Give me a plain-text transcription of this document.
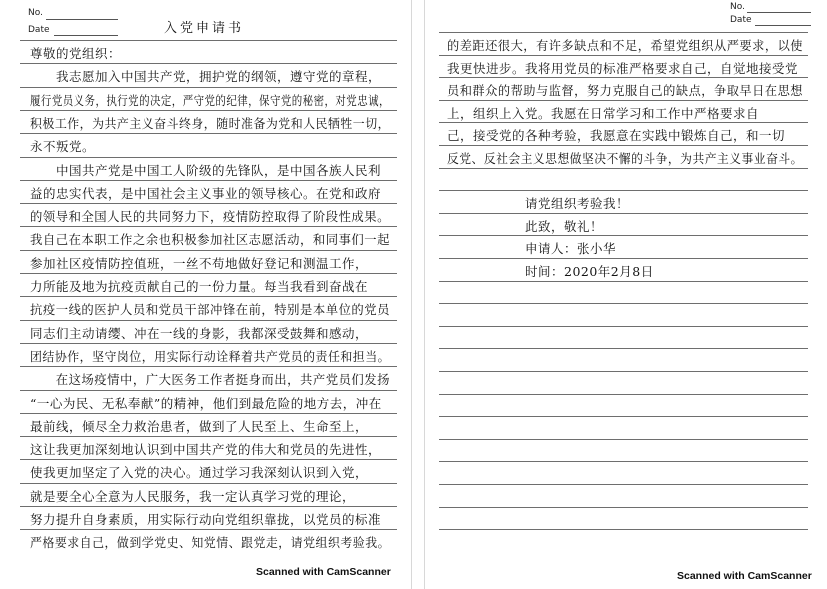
No.
Date	入党申请书
尊敬的党组织：
　　我志愿加入中国共产党，拥护党的纲领，遵守党的章程，
履行党员义务，执行党的决定，严守党的纪律，保守党的秘密，对党忠诚，
积极工作，为共产主义奋斗终身，随时准备为党和人民牺牲一切，
永不叛党。
　　中国共产党是中国工人阶级的先锋队，是中国各族人民利
益的忠实代表，是中国社会主义事业的领导核心。在党和政府
的领导和全国人民的共同努力下，疫情防控取得了阶段性成果。
我自己在本职工作之余也积极参加社区志愿活动，和同事们一起
参加社区疫情防控值班，一丝不苟地做好登记和测温工作，
力所能及地为抗疫贡献自己的一份力量。每当我看到奋战在
抗疫一线的医护人员和党员干部冲锋在前，特别是本单位的党员
同志们主动请缨、冲在一线的身影，我都深受鼓舞和感动，
团结协作，坚守岗位，用实际行动诠释着共产党员的责任和担当。
　　在这场疫情中，广大医务工作者挺身而出，共产党员们发扬
“一心为民、无私奉献”的精神，他们到最危险的地方去，冲在
最前线，倾尽全力救治患者，做到了人民至上、生命至上，
这让我更加深刻地认识到中国共产党的伟大和党员的先进性，
使我更加坚定了入党的决心。通过学习我深刻认识到入党，
就是要全心全意为人民服务，我一定认真学习党的理论，
努力提升自身素质，用实际行动向党组织靠拢，以党员的标准
严格要求自己，做到学党史、知党情、跟党走，请党组织考验我。
Scanned with CamScanner
No.
Date
的差距还很大，有许多缺点和不足，希望党组织从严要求，以使
我更快进步。我将用党员的标准严格要求自己，自觉地接受党
员和群众的帮助与监督，努力克服自己的缺点，争取早日在思想
上，组织上入党。我愿在日常学习和工作中严格要求自
己，接受党的各种考验，我愿意在实践中锻炼自己，和一切
反党、反社会主义思想做坚决不懈的斗争，为共产主义事业奋斗。
　　　　　　请党组织考验我！
　　　　　　此致，敬礼！
　　　　　　申请人：张小华
　　　　　　时间：2020年2月8日
Scanned with CamScanner
